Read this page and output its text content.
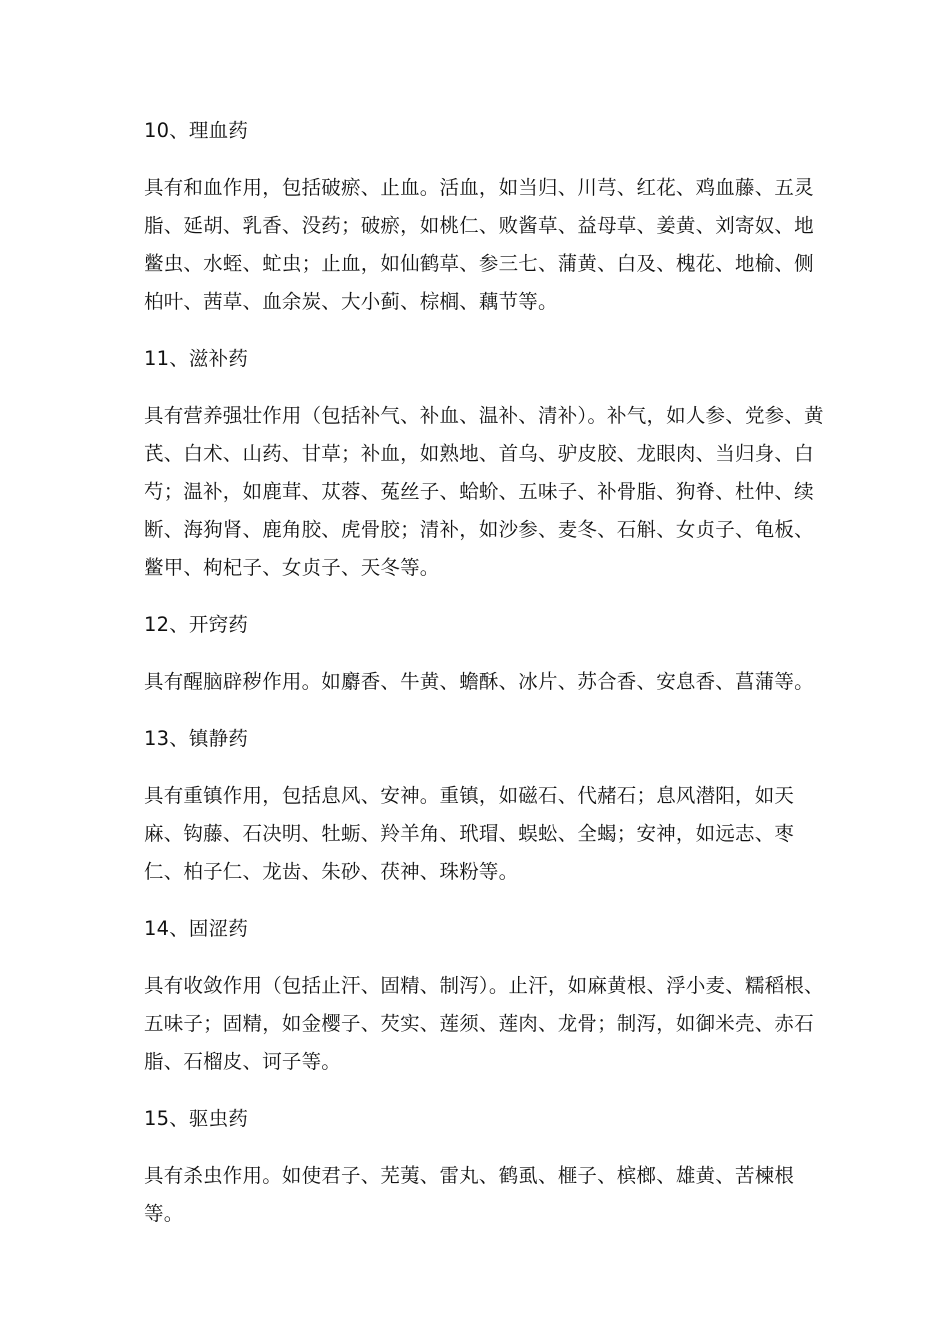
10、理血药

具有和血作用，包括破瘀、止血。活血，如当归、川芎、红花、鸡血藤、五灵脂、延胡、乳香、没药；破瘀，如桃仁、败酱草、益母草、姜黄、刘寄奴、地鳖虫、水蛭、虻虫；止血，如仙鹤草、参三七、蒲黄、白及、槐花、地榆、侧柏叶、茜草、血余炭、大小蓟、棕榈、藕节等。

11、滋补药

具有营养强壮作用（包括补气、补血、温补、清补）。补气，如人参、党参、黄芪、白术、山药、甘草；补血，如熟地、首乌、驴皮胶、龙眼肉、当归身、白芍；温补，如鹿茸、苁蓉、菟丝子、蛤蚧、五味子、补骨脂、狗脊、杜仲、续断、海狗肾、鹿角胶、虎骨胶；清补，如沙参、麦冬、石斛、女贞子、龟板、鳖甲、枸杞子、女贞子、天冬等。

12、开窍药

具有醒脑辟秽作用。如麝香、牛黄、蟾酥、冰片、苏合香、安息香、菖蒲等。

13、镇静药

具有重镇作用，包括息风、安神。重镇，如磁石、代赭石；息风潜阳，如天麻、钩藤、石决明、牡蛎、羚羊角、玳瑁、蜈蚣、全蝎；安神，如远志、枣仁、柏子仁、龙齿、朱砂、茯神、珠粉等。

14、固涩药

具有收敛作用（包括止汗、固精、制泻）。止汗，如麻黄根、浮小麦、糯稻根、五味子；固精，如金樱子、芡实、莲须、莲肉、龙骨；制泻，如御米壳、赤石脂、石榴皮、诃子等。

15、驱虫药

具有杀虫作用。如使君子、芜荑、雷丸、鹤虱、榧子、槟榔、雄黄、苦楝根等。
